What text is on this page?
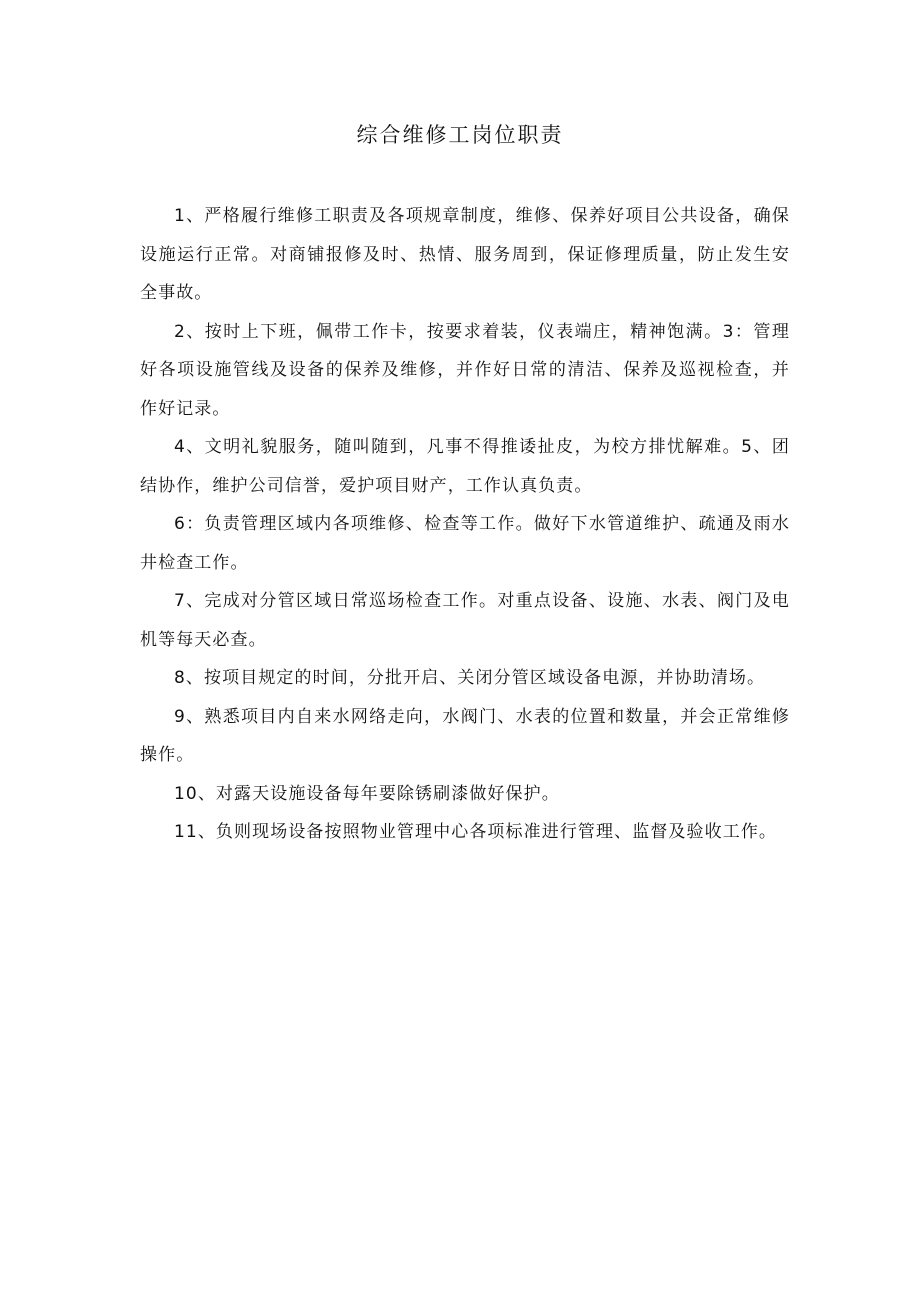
综合维修工岗位职责

1、严格履行维修工职责及各项规章制度，维修、保养好项目公共设备，确保设施运行正常。对商铺报修及时、热情、服务周到，保证修理质量，防止发生安全事故。

2、按时上下班，佩带工作卡，按要求着装，仪表端庄，精神饱满。3：管理好各项设施管线及设备的保养及维修，并作好日常的清洁、保养及巡视检查，并作好记录。

4、文明礼貌服务，随叫随到，凡事不得推诿扯皮，为校方排忧解难。5、团结协作，维护公司信誉，爱护项目财产，工作认真负责。

6：负责管理区域内各项维修、检查等工作。做好下水管道维护、疏通及雨水井检查工作。

7、完成对分管区域日常巡场检查工作。对重点设备、设施、水表、阀门及电机等每天必查。

8、按项目规定的时间，分批开启、关闭分管区域设备电源，并协助清场。

9、熟悉项目内自来水网络走向，水阀门、水表的位置和数量，并会正常维修操作。

10、对露天设施设备每年要除锈刷漆做好保护。

11、负则现场设备按照物业管理中心各项标准进行管理、监督及验收工作。
